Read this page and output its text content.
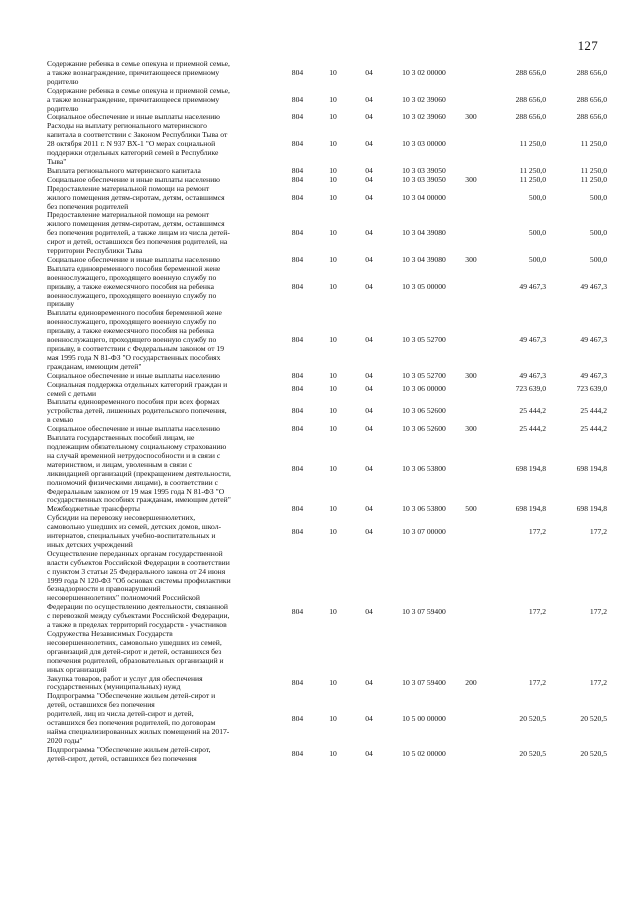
127
Содержание ребенка в семье опекуна и приемной семье,
а также вознаграждение, причитающееся приемному
родителю
804	10	04	10 3 02 00000	288 656,0	288 656,0
Содержание ребенка в семье опекуна и приемной семье,
а также вознаграждение, причитающееся приемному
родителю
804	10	04	10 3 02 39060	288 656,0	288 656,0
Социальное обеспечение и иные выплаты населению	804	10	04	10 3 02 39060	300	288 656,0	288 656,0
Расходы на выплату регионального материнского
капитала в соответствии с Законом Республики Тыва от
28 октября 2011 г. N 937 ВХ-1 "О мерах социальной
поддержки отдельных категорий семей в Республике
Тыва"
804	10	04	10 3 03 00000	11 250,0	11 250,0
Выплата регионального материнского капитала	804	10	04	10 3 03 39050	11 250,0	11 250,0
Социальное обеспечение и иные выплаты населению	804	10	04	10 3 03 39050	300	11 250,0	11 250,0
Предоставление материальной помощи на ремонт
жилого помещения детям-сиротам, детям, оставшимся
без попечения родителей
804	10	04	10 3 04 00000	500,0	500,0
Предоставление материальной помощи на ремонт
жилого помещения детям-сиротам, детям, оставшимся
без попечения родителей, а также лицам из числа детей-
сирот и детей, оставшихся без попечения родителей, на
территории Республики Тыва
804	10	04	10 3 04 39080	500,0	500,0
Социальное обеспечение и иные выплаты населению	804	10	04	10 3 04 39080	300	500,0	500,0
Выплата единовременного пособия беременной жене
военнослужащего, проходящего военную службу по
призыву, а также ежемесячного пособия на ребенка
военнослужащего, проходящего военную службу по
призыву
804	10	04	10 3 05 00000	49 467,3	49 467,3
Выплаты единовременного пособия беременной жене
военнослужащего, проходящего военную службу по
призыву, а также ежемесячного пособия на ребенка
военнослужащего, проходящего военную службу по
призыву, в соответствии с Федеральным законом от 19
мая 1995 года N 81-ФЗ "О государственных пособиях
гражданам, имеющим детей"
804	10	04	10 3 05 52700	49 467,3	49 467,3
Социальное обеспечение и иные выплаты населению	804	10	04	10 3 05 52700	300	49 467,3	49 467,3
Социальная поддержка отдельных категорий граждан и
семей с детьми	804	10	04	10 3 06 00000	723 639,0	723 639,0
Выплаты единовременного пособия при всех формах
устройства детей, лишенных родительского попечения,
в семью
804	10	04	10 3 06 52600	25 444,2	25 444,2
Социальное обеспечение и иные выплаты населению	804	10	04	10 3 06 52600	300	25 444,2	25 444,2
Выплата государственных пособий лицам, не
подлежащим обязательному социальному страхованию
на случай временной нетрудоспособности и в связи с
материнством, и лицам, уволенным в связи с
ликвидацией организаций (прекращением деятельности,
полномочий физическими лицами), в соответствии с
Федеральным законом от 19 мая 1995 года N 81-ФЗ "О
государственных пособиях гражданам, имеющим детей"
804	10	04	10 3 06 53800	698 194,8	698 194,8
Межбюджетные трансферты	804	10	04	10 3 06 53800	500	698 194,8	698 194,8
Субсидии на перевозку несовершеннолетних,
самовольно ушедших из семей, детских домов, школ-
интернатов, специальных учебно-воспитательных и
иных детских учреждений
804	10	04	10 3 07 00000	177,2	177,2
Осуществление переданных органам государственной
власти субъектов Российской Федерации в соответствии
с пунктом 3 статьи 25 Федерального закона от 24 июня
1999 года N 120-ФЗ "Об основах системы профилактики
безнадзорности и правонарушений
несовершеннолетних" полномочий Российской
Федерации по осуществлению деятельности, связанной
с перевозкой между субъектами Российской Федерации,
а также в пределах территорий государств - участников
Содружества Независимых Государств
несовершеннолетних, самовольно ушедших из семей,
организаций для детей-сирот и детей, оставшихся без
попечения родителей, образовательных организаций и
иных организаций
804	10	04	10 3 07 59400	177,2	177,2
Закупка товаров, работ и услуг для обеспечения
государственных (муниципальных) нужд	804	10	04	10 3 07 59400	200	177,2	177,2
Подпрограмма "Обеспечение жильем детей-сирот и
детей, оставшихся без попечения
родителей, лиц из числа детей-сирот и детей,
оставшихся без попечения родителей, по договорам
найма специализированных жилых помещений на 2017-
2020 годы"
804	10	04	10 5 00 00000	20 520,5	20 520,5
Подпрограмма "Обеспечение жильем детей-сирот,
детей-сирот, детей, оставшихся без попечения	804	10	04	10 5 02 00000	20 520,5	20 520,5
